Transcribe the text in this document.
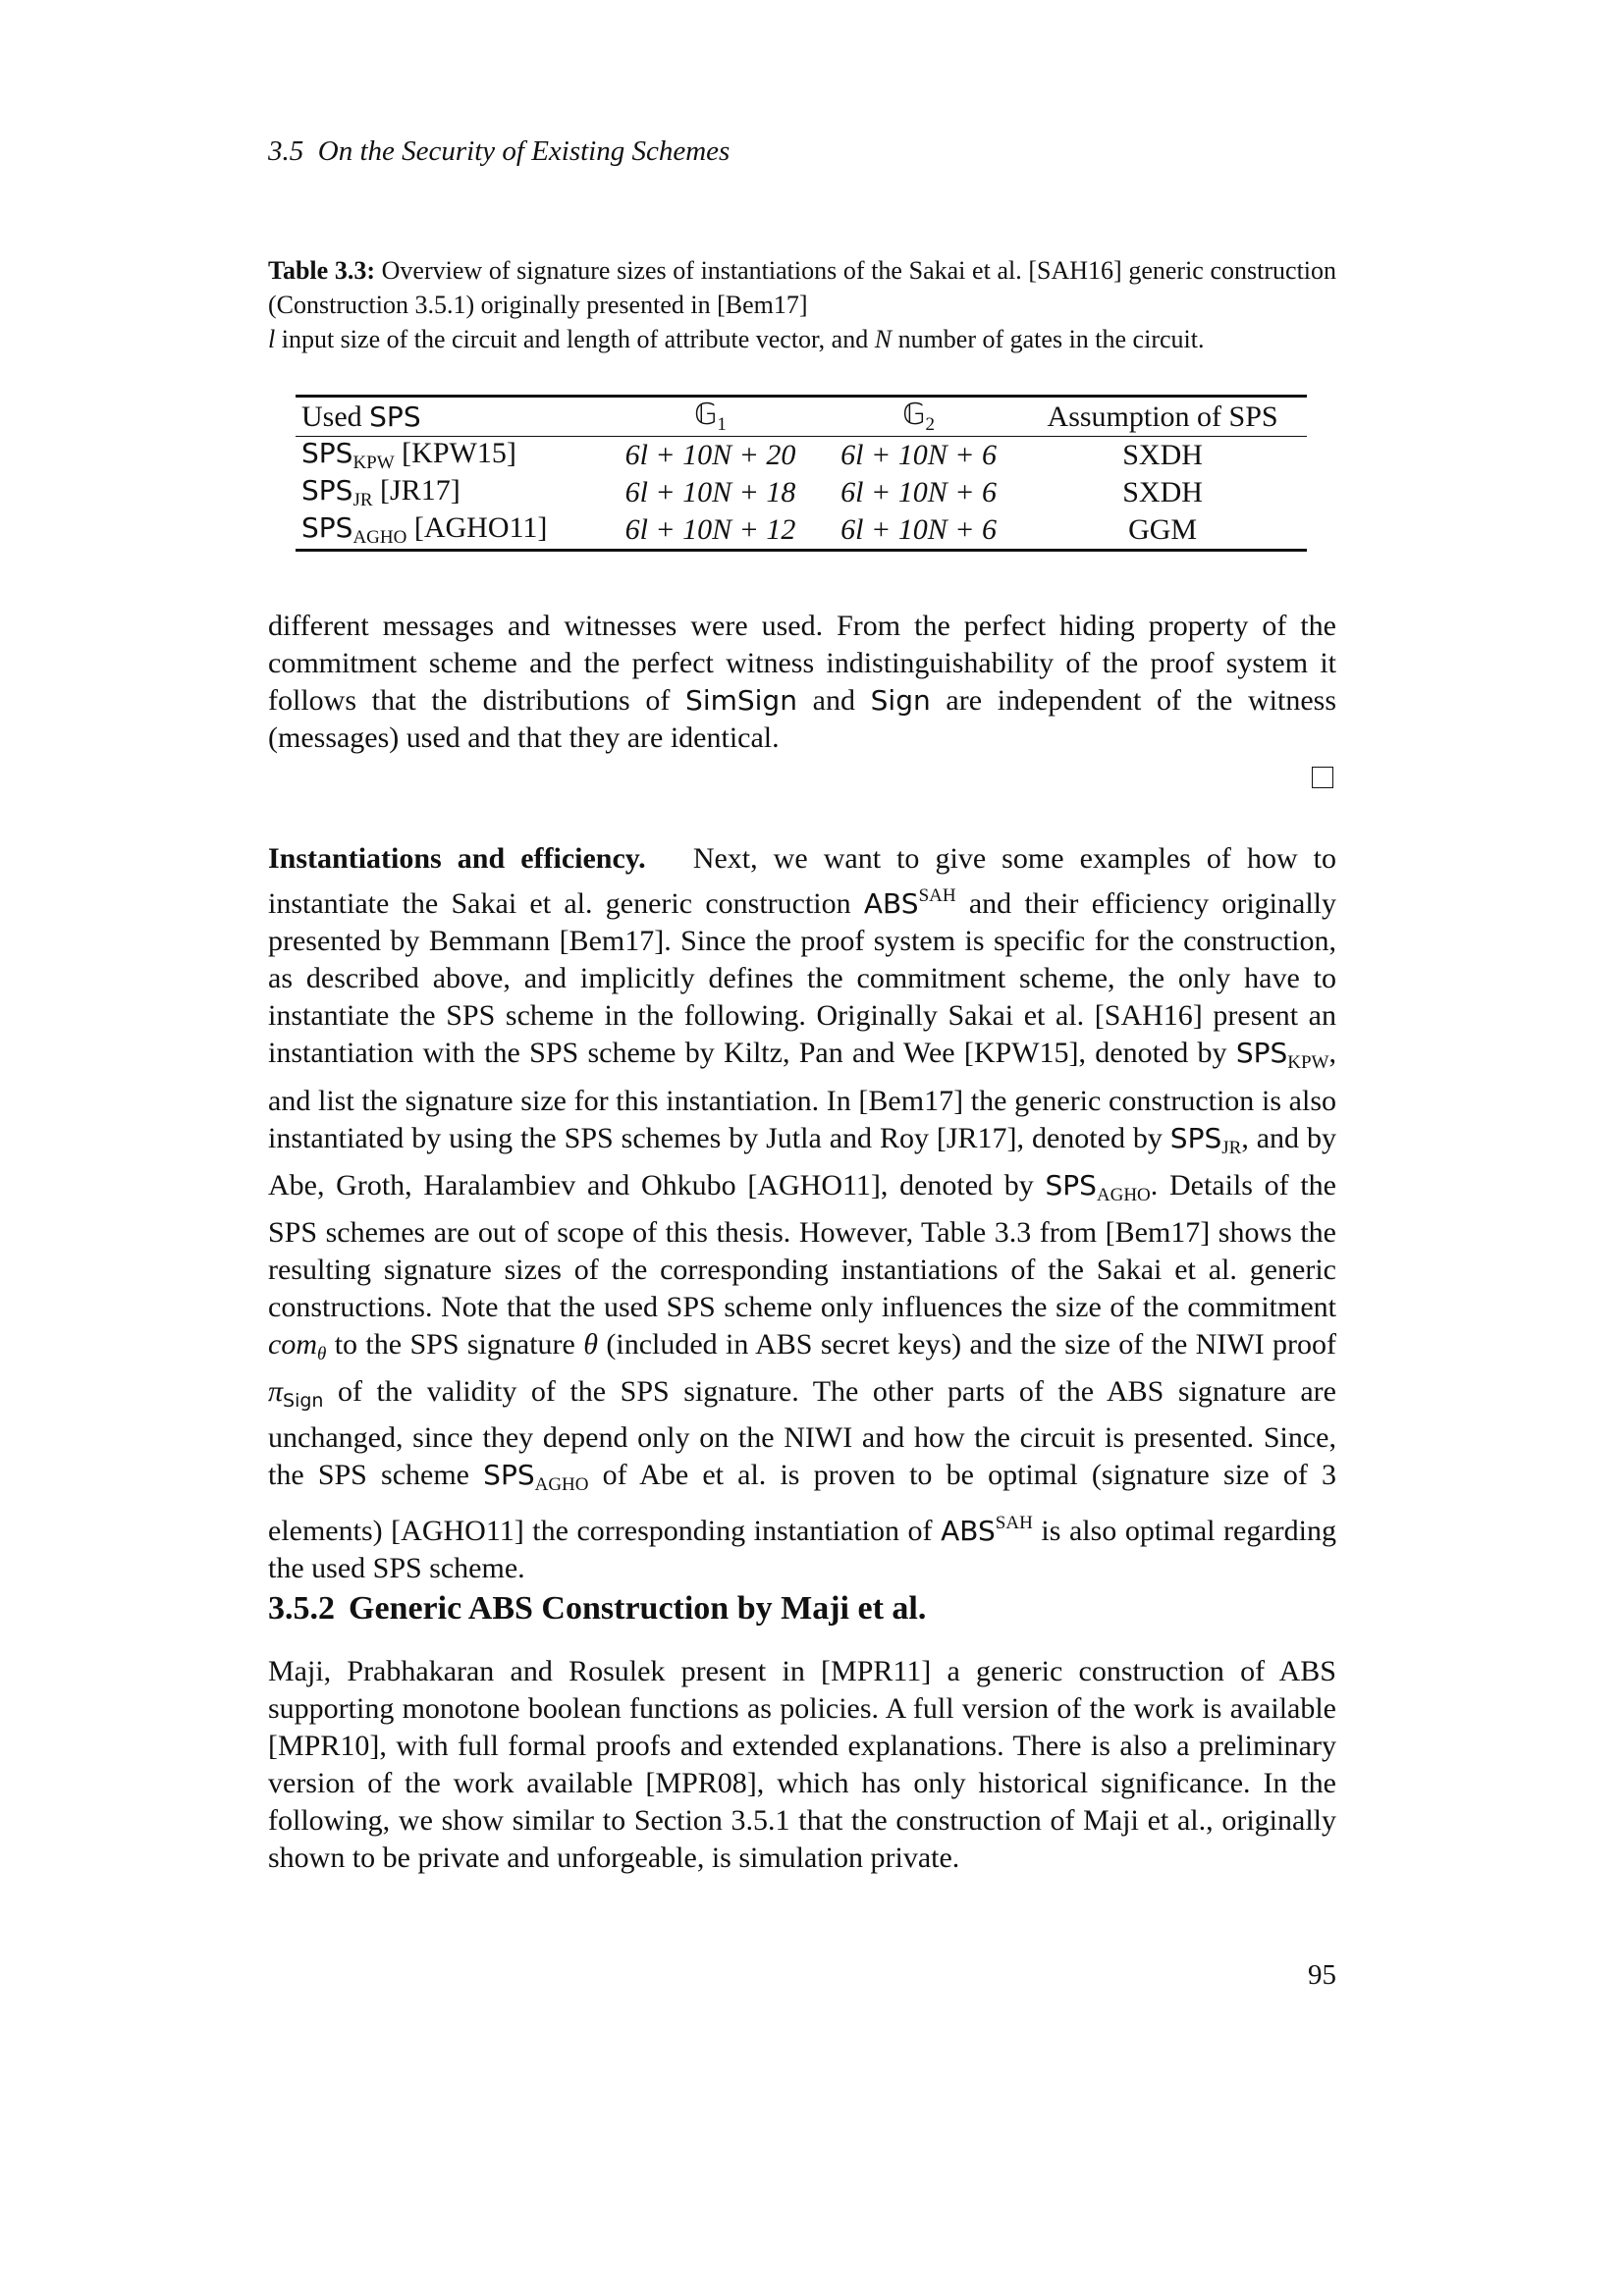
3.5 On the Security of Existing Schemes
Table 3.3: Overview of signature sizes of instantiations of the Sakai et al. [SAH16] generic construction (Construction 3.5.1) originally presented in [Bem17]
l input size of the circuit and length of attribute vector, and N number of gates in the circuit.
Used SPS	𝔾$_1$	𝔾$_2$	Assumption of SPS
$SPS_{KPW}$ [KPW15]	6l + 10N + 20	6l + 10N + 6	SXDH
$SPS_{JR}$ [JR17]	6l + 10N + 18	6l + 10N + 6	SXDH
$SPS_{AGHO}$ [AGHO11]	6l + 10N + 12	6l + 10N + 6	GGM

different messages and witnesses were used. From the perfect hiding property of the commitment scheme and the perfect witness indistinguishability of the proof system it follows that the distributions of SimSign and Sign are independent of the witness (messages) used and that they are identical.

Instantiations and efficiency. Next, we want to give some examples of how to instantiate the Sakai et al. generic construction $ABS^{SAH}$ and their efficiency originally presented by Bemmann [Bem17]. Since the proof system is specific for the construction, as described above, and implicitly defines the commitment scheme, the only have to instantiate the SPS scheme in the following. Originally Sakai et al. [SAH16] present an instantiation with the SPS scheme by Kiltz, Pan and Wee [KPW15], denoted by $SPS_{KPW}$, and list the signature size for this instantiation. In [Bem17] the generic construction is also instantiated by using the SPS schemes by Jutla and Roy [JR17], denoted by $SPS_{JR}$, and by Abe, Groth, Haralambiev and Ohkubo [AGHO11], denoted by $SPS_{AGHO}$. Details of the SPS schemes are out of scope of this thesis. However, Table 3.3 from [Bem17] shows the resulting signature sizes of the corresponding instantiations of the Sakai et al. generic constructions. Note that the used SPS scheme only influences the size of the commitment com$_\theta$ to the SPS signature θ (included in ABS secret keys) and the size of the NIWI proof $\pi_{Sign}$ of the validity of the SPS signature. The other parts of the ABS signature are unchanged, since they depend only on the NIWI and how the circuit is presented. Since, the SPS scheme $SPS_{AGHO}$ of Abe et al. is proven to be optimal (signature size of 3 elements) [AGHO11] the corresponding instantiation of $ABS^{SAH}$ is also optimal regarding the used SPS scheme.

3.5.2 Generic ABS Construction by Maji et al.

Maji, Prabhakaran and Rosulek present in [MPR11] a generic construction of ABS supporting monotone boolean functions as policies. A full version of the work is available [MPR10], with full formal proofs and extended explanations. There is also a preliminary version of the work available [MPR08], which has only historical significance. In the following, we show similar to Section 3.5.1 that the construction of Maji et al., originally shown to be private and unforgeable, is simulation private.

95
